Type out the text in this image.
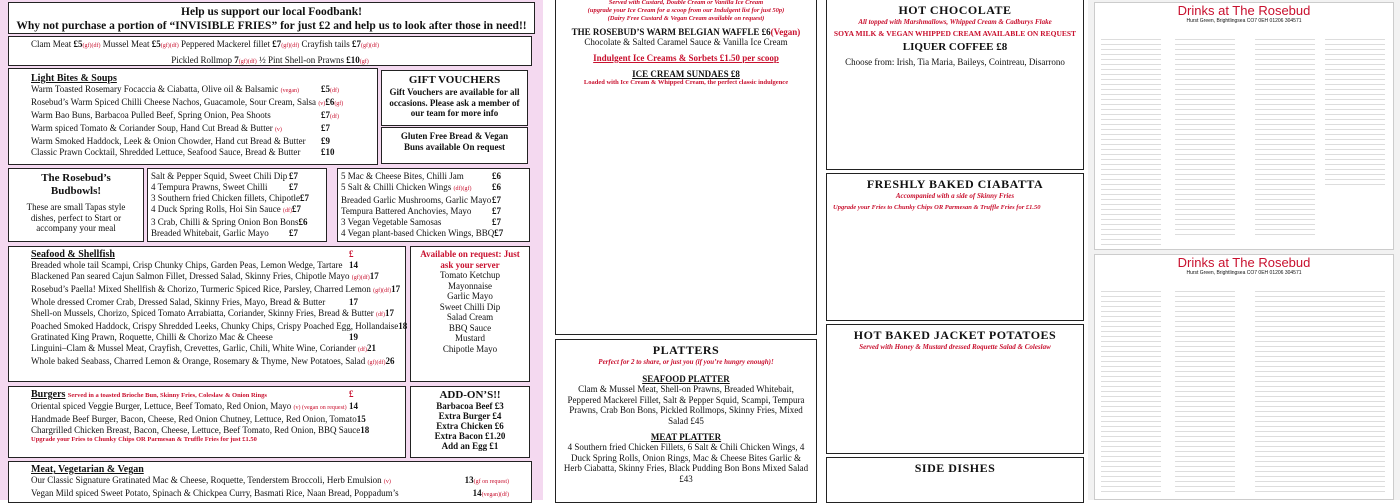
Help us support our local Foodbank!
Why not purchase a portion of “INVISIBLE FRIES” for just £2 and help us to look after those in need!!
Clam Meat £5(gf)(df) Mussel Meat £5(gf)(df) Peppered Mackerel fillet £7(gf)(df) Crayfish tails £7(gf)(df)
Pickled Rollmop 7(gf)(df) ½ Pint Shell-on Prawns £10(gf)
Light Bites & Soups
Warm Toasted Rosemary Focaccia & Ciabatta, Olive oil & Balsamic (vegan) £5(df)
Rosebud’s Warm Spiced Chilli Cheese Nachos, Guacamole, Sour Cream, Salsa (v) £6(gf)
Warm Bao Buns, Barbacoa Pulled Beef, Spring Onion, Pea Shoots	£7(df)
Warm spiced Tomato & Coriander Soup, Hand Cut Bread & Butter (v)	£7
Warm Smoked Haddock, Leek & Onion Chowder, Hand cut Bread & Butter £9
Classic Prawn Cocktail, Shredded Lettuce, Seafood Sauce, Bread & Butter £10
GIFT VOUCHERS
Gift Vouchers are available for all occasions. Please ask a member of our team for more info
Gluten Free Bread & Vegan Buns available On request
The Rosebud’s Budbowls!
These are small Tapas style dishes, perfect to Start or accompany your meal
Salt & Pepper Squid, Sweet Chili Dip £7
4 Tempura Prawns, Sweet Chilli £7
3 Southern fried Chicken fillets, Chipotle £7
4 Duck Spring Rolls, Hoi Sin Sauce (df) £7
3 Crab, Chilli & Spring Onion Bon Bons £6
Breaded Whitebait, Garlic Mayo £7
5 Mac & Cheese Bites, Chilli Jam	£6
5 Salt & Chilli Chicken Wings (df)(gf) £6
Breaded Garlic Mushrooms, Garlic Mayo £7
Tempura Battered Anchovies, Mayo £7
3 Vegan Vegetable Samosas	£7
4 Vegan plant-based Chicken Wings, BBQ £7
Seafood & Shellfish	£
Breaded whole tail Scampi, Crisp Chunky Chips, Garden Peas, Lemon Wedge, Tartare 14
Blackened Pan seared Cajun Salmon Fillet, Dressed Salad, Skinny Fries, Chipotle Mayo (gf)(df) 17
Rosebud’s Paella! Mixed Shellfish & Chorizo, Turmeric Spiced Rice, Parsley, Charred Lemon (gf)(df) 17
Whole dressed Cromer Crab, Dressed Salad, Skinny Fries, Mayo, Bread & Butter	17
Shell-on Mussels, Chorizo, Spiced Tomato Arrabiatta, Coriander, Skinny Fries, Bread & Butter (df) 17
Poached Smoked Haddock, Crispy Shredded Leeks, Chunky Chips, Crispy Poached Egg, Hollandaise 18
Gratinated King Prawn, Roquette, Chilli & Chorizo Mac & Cheese	19
Linguini–Clam & Mussel Meat, Crayfish, Crevettes, Garlic, Chili, White Wine, Coriander (df) 21
Whole baked Seabass, Charred Lemon & Orange, Rosemary & Thyme, New Potatoes, Salad (gf)(df) 26
Available on request: Just ask your server
Tomato Ketchup
Mayonnaise
Garlic Mayo
Sweet Chilli Dip
Salad Cream
BBQ Sauce
Mustard
Chipotle Mayo
Burgers Served in a toasted Brioche Bun, Skinny Fries, Coleslaw & Onion Rings	£
Oriental spiced Veggie Burger, Lettuce, Beef Tomato, Red Onion, Mayo (v) (vegan on request) 14
Handmade Beef Burger, Bacon, Cheese, Red Onion Chutney, Lettuce, Red Onion, Tomato 15
Chargrilled Chicken Breast, Bacon, Cheese, Lettuce, Beef Tomato, Red Onion, BBQ Sauce 18
Upgrade your Fries to Chunky Chips OR Parmesan & Truffle Fries for just £1.50
ADD-ON’S!!
Barbacoa Beef £3
Extra Burger £4
Extra Chicken £6
Extra Bacon £1.20
Add an Egg £1
Meat, Vegetarian & Vegan
Our Classic Signature Gratinated Mac & Cheese, Roquette, Tenderstem Broccoli, Herb Emulsion (v)	13(gf on request)
Vegan Mild spiced Sweet Potato, Spinach & Chickpea Curry, Basmati Rice, Naan Bread, Poppadum’s	14(vegan)(df)
Served with Custard, Double Cream or Vanilla Ice Cream
(upgrade your Ice Cream for a scoop from our Indulgent list for just 50p)
(Dairy Free Custard & Vegan Cream available on request)
THE ROSEBUD’S WARM BELGIAN WAFFLE £6(Vegan)
Chocolate & Salted Caramel Sauce & Vanilla Ice Cream
Indulgent Ice Creams & Sorbets £1.50 per scoop
ICE CREAM SUNDAES £8
Loaded with Ice Cream & Whipped Cream, the perfect classic indulgence
PLATTERS
Perfect for 2 to share, or just you (if you’re hungry enough)!
SEAFOOD PLATTER
Clam & Mussel Meat, Shell-on Prawns, Breaded Whitebait, Peppered Mackerel Fillet, Salt & Pepper Squid, Scampi, Tempura Prawns, Crab Bon Bons, Pickled Rollmops, Skinny Fries, Mixed Salad £45
MEAT PLATTER
4 Southern fried Chicken Fillets, 6 Salt & Chili Chicken Wings, 4 Duck Spring Rolls, Onion Rings, Mac & Cheese Bites Garlic & Herb Ciabatta, Skinny Fries, Black Pudding Bon Bons Mixed Salad £43
HOT CHOCOLATE
All topped with Marshmallows, Whipped Cream & Cadburys Flake
SOYA MILK & VEGAN WHIPPED CREAM AVAILABLE ON REQUEST
LIQUER COFFEE £8
Choose from: Irish, Tia Maria, Baileys, Cointreau, Disarrono
FRESHLY BAKED CIABATTA
Accompanied with a side of Skinny Fries
Upgrade your Fries to Chunky Chips OR Parmesan & Truffle Fries for £1.50
HOT BAKED JACKET POTATOES
Served with Honey & Mustard dressed Roquette Salad & Coleslaw
SIDE DISHES
Drinks at The Rosebud
Hurst Green, Brightlingsea CO7 0EH 01206 304571
Drinks at The Rosebud
Hurst Green, Brightlingsea CO7 0EH 01206 304571
